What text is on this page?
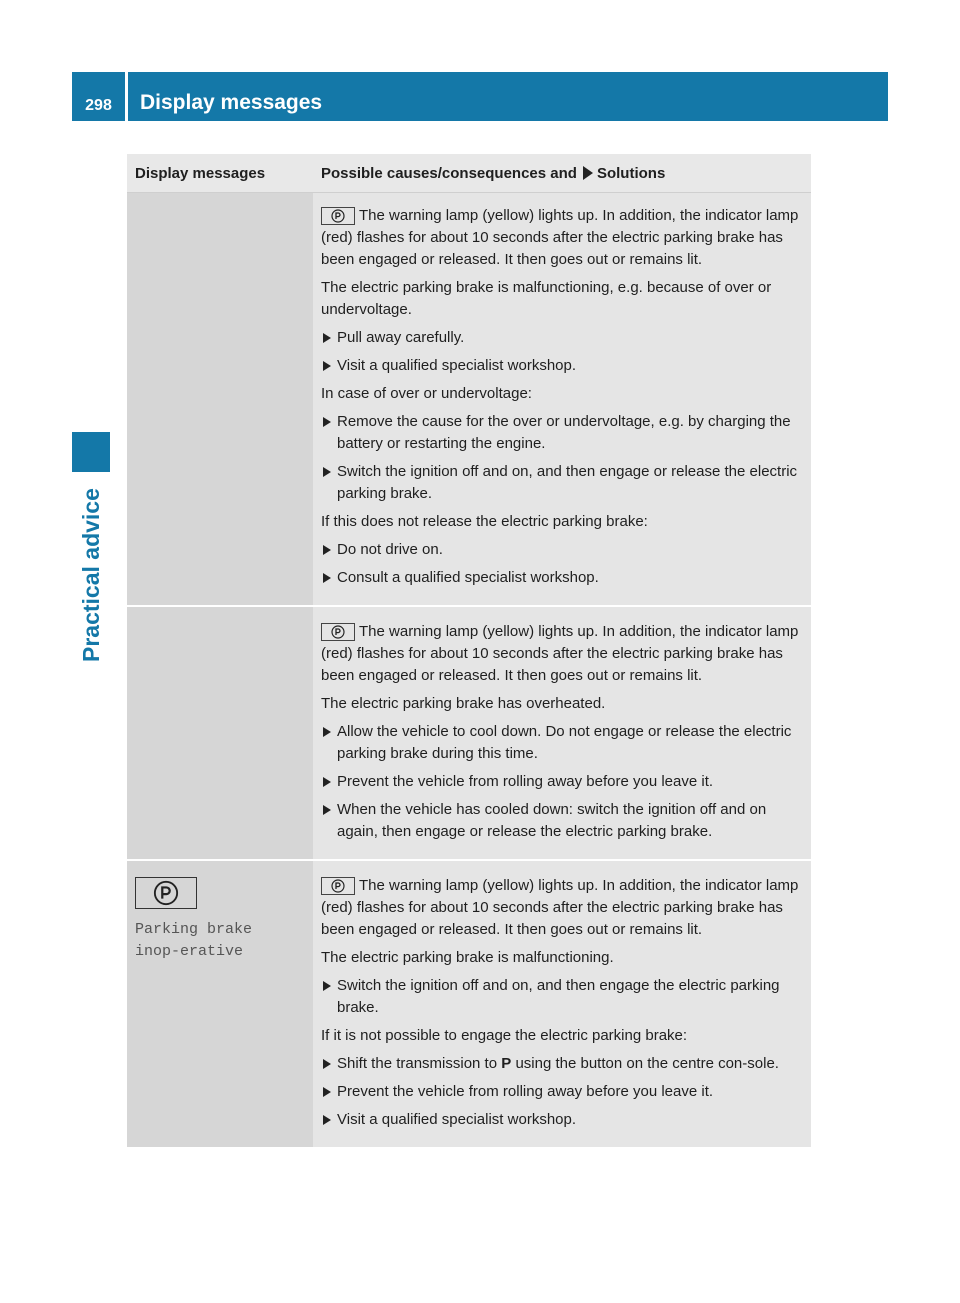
298	Display messages
Practical advice
Display messages	Possible causes/consequences and Solutions

The warning lamp (yellow) lights up. In addition, the indicator lamp (red) flashes for about 10 seconds after the electric parking brake has been engaged or released. It then goes out or remains lit.

The electric parking brake is malfunctioning, e.g. because of over or undervoltage.

Pull away carefully.

Visit a qualified specialist workshop.

In case of over or undervoltage:

Remove the cause for the over or undervoltage, e.g. by charging the battery or restarting the engine.

Switch the ignition off and on, and then engage or release the electric parking brake.

If this does not release the electric parking brake:

Do not drive on.

Consult a qualified specialist workshop.

The warning lamp (yellow) lights up. In addition, the indicator lamp (red) flashes for about 10 seconds after the electric parking brake has been engaged or released. It then goes out or remains lit.

The electric parking brake has overheated.

Allow the vehicle to cool down. Do not engage or release the electric parking brake during this time.

Prevent the vehicle from rolling away before you leave it.

When the vehicle has cooled down: switch the ignition off and on again, then engage or release the electric parking brake.

Parking brake inop-erative

The warning lamp (yellow) lights up. In addition, the indicator lamp (red) flashes for about 10 seconds after the electric parking brake has been engaged or released. It then goes out or remains lit.

The electric parking brake is malfunctioning.

Switch the ignition off and on, and then engage the electric parking brake.

If it is not possible to engage the electric parking brake:

Shift the transmission to P using the button on the centre con-sole.

Prevent the vehicle from rolling away before you leave it.

Visit a qualified specialist workshop.
